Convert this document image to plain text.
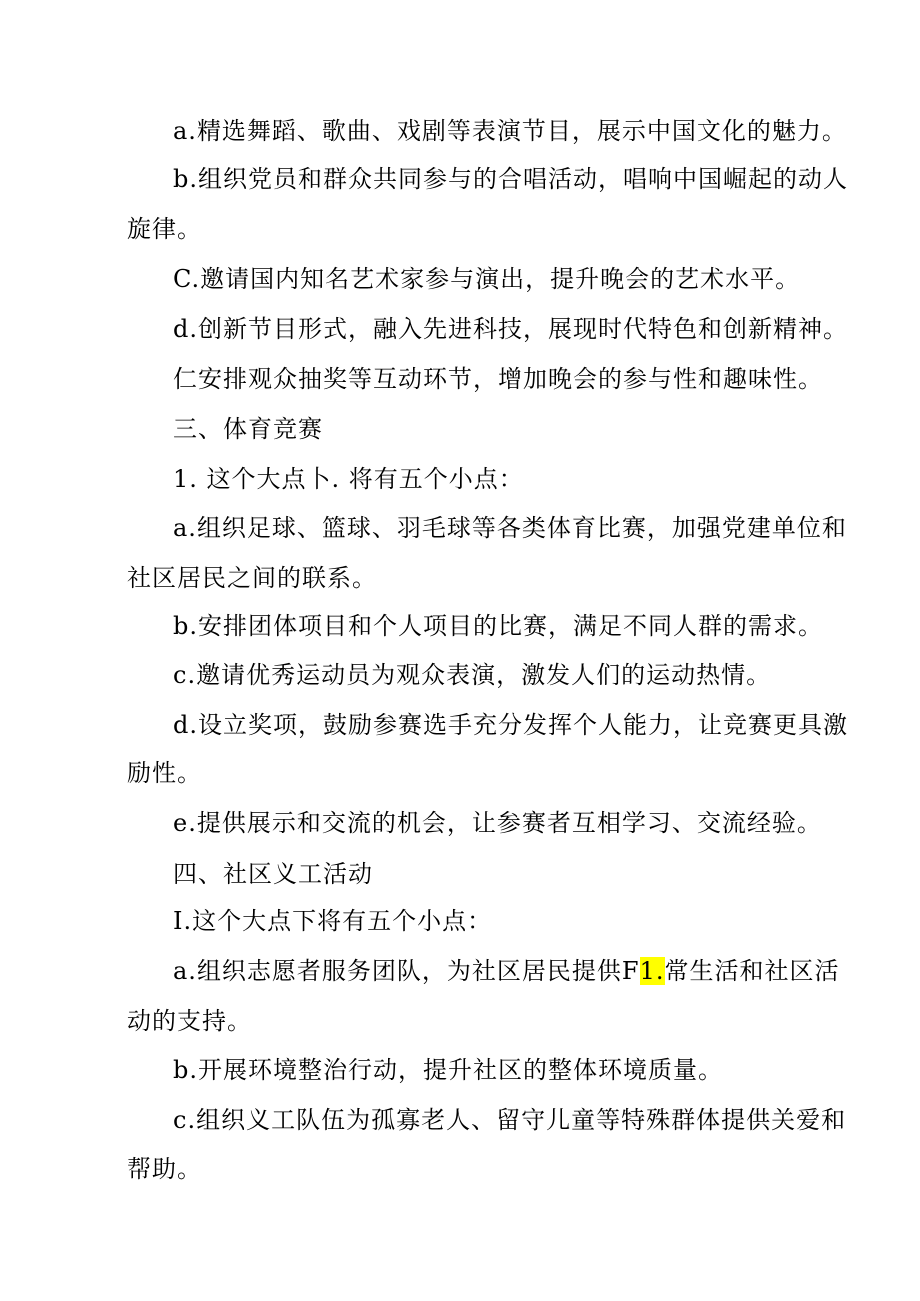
a.精选舞蹈、歌曲、戏剧等表演节目，展示中国文化的魅力。
b.组织党员和群众共同参与的合唱活动，唱响中国崛起的动人
旋律。
C.邀请国内知名艺术家参与演出，提升晚会的艺术水平。
d.创新节目形式，融入先进科技，展现时代特色和创新精神。
仁安排观众抽奖等互动环节，增加晚会的参与性和趣味性。
三、体育竞赛
1. 这个大点卜. 将有五个小点：
a.组织足球、篮球、羽毛球等各类体育比赛，加强党建单位和
社区居民之间的联系。
b.安排团体项目和个人项目的比赛，满足不同人群的需求。
c.邀请优秀运动员为观众表演，激发人们的运动热情。
d.设立奖项，鼓励参赛选手充分发挥个人能力，让竞赛更具激
励性。
e.提供展示和交流的机会，让参赛者互相学习、交流经验。
四、社区义工活动
I.这个大点下将有五个小点：
a.组织志愿者服务团队，为社区居民提供F1.常生活和社区活
动的支持。
b.开展环境整治行动，提升社区的整体环境质量。
c.组织义工队伍为孤寡老人、留守儿童等特殊群体提供关爱和
帮助。
